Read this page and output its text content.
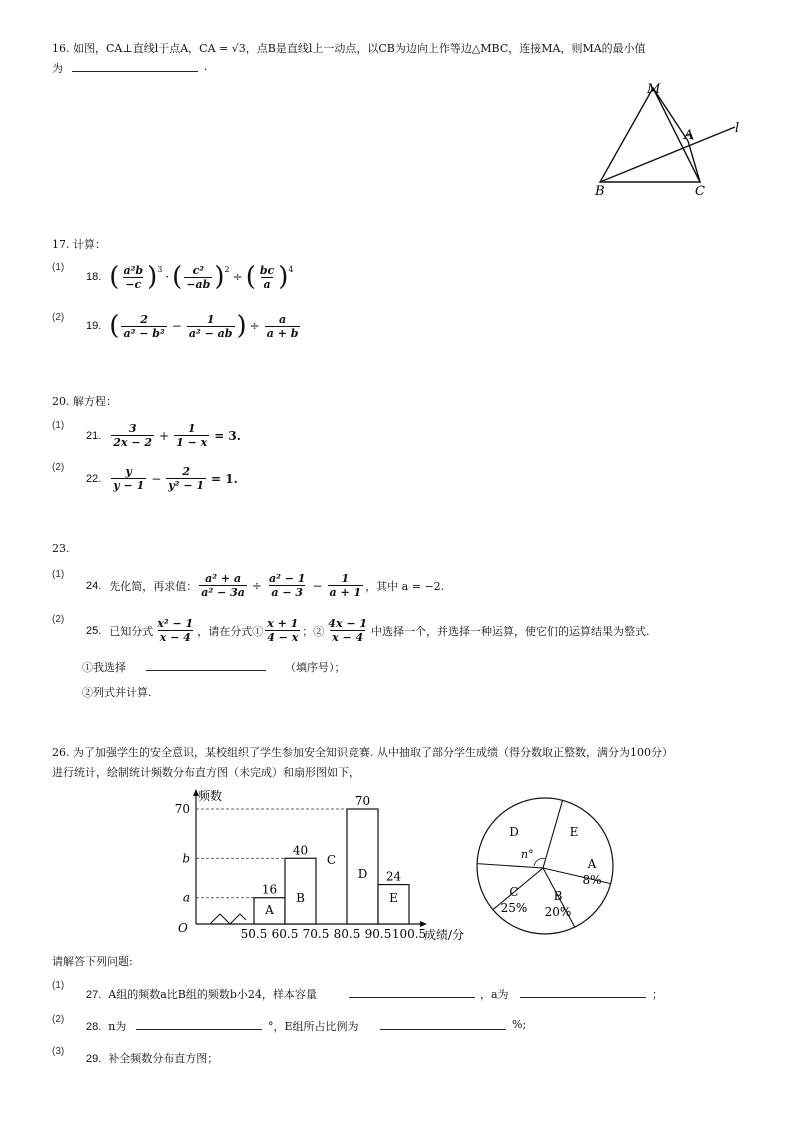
16. 如图，CA⊥直线l于点A，CA = √3，点B是直线l上一动点，以CB为边向上作等边△MBC，连接MA，则MA的最小值
为	.
M
A	l
B	C
17. 计算：
(1)
18. ( $\frac{\text{a²b}}{-c}$ ) 3
· ( $\frac{\text{c²}}{-ab}$ ) 2
÷ ( $\frac{bc}{a}$ ) 4
(2)
19. ( $\frac{2}{\text{a² − b²}} - \frac{1}{\text{a² − ab}}$ ) ÷ $\frac{a}{a + b}$
20. 解方程：
(1)
21. $\frac{3}{2x - 2} + \frac{1}{1 - x} = 3$.
(2)
22. $\frac{y}{y - 1} - \frac{2}{\text{y² − 1}} = 1$.
23.
(1)
24. 先化简，再求值： $\frac{\text{a² + a}}{\text{a² − 3a}} \div \frac{\text{a² − 1}}{a - 3} - \frac{1}{a + 1}$ ，其中 a = −2.
(2)
25. 已知分式 $\frac{\text{x² − 1}}{x - 4}$ ，请在分式① $\frac{x + 1}{4 - x}$ ；② $\frac{4x - 1}{x - 4}$ 中选择一个，并选择一种运算，使它们的运算结果为整式.
①我选择	（填序号）；
②列式并计算.
26. 为了加强学生的安全意识，某校组织了学生参加安全知识竞赛. 从中抽取了部分学生成绩（得分数取正整数，满分为100分）
进行统计，绘制统计频数分布直方图（未完成）和扇形图如下，
a
b
70
50.5 60.5 70.5 80.5 90.5 100.5
16
A
40
B
C
70
D 24
E
频数
成绩/分
O
n°
D	E
A
8%
B
20%
C
25%
请解答下列问题:
(1)
27. A组的频数a比B组的频数b小24，样本容量	，a为	；
(2)
28. n为	°，E组所占比例为	%;
(3)
29. 补全频数分布直方图；
